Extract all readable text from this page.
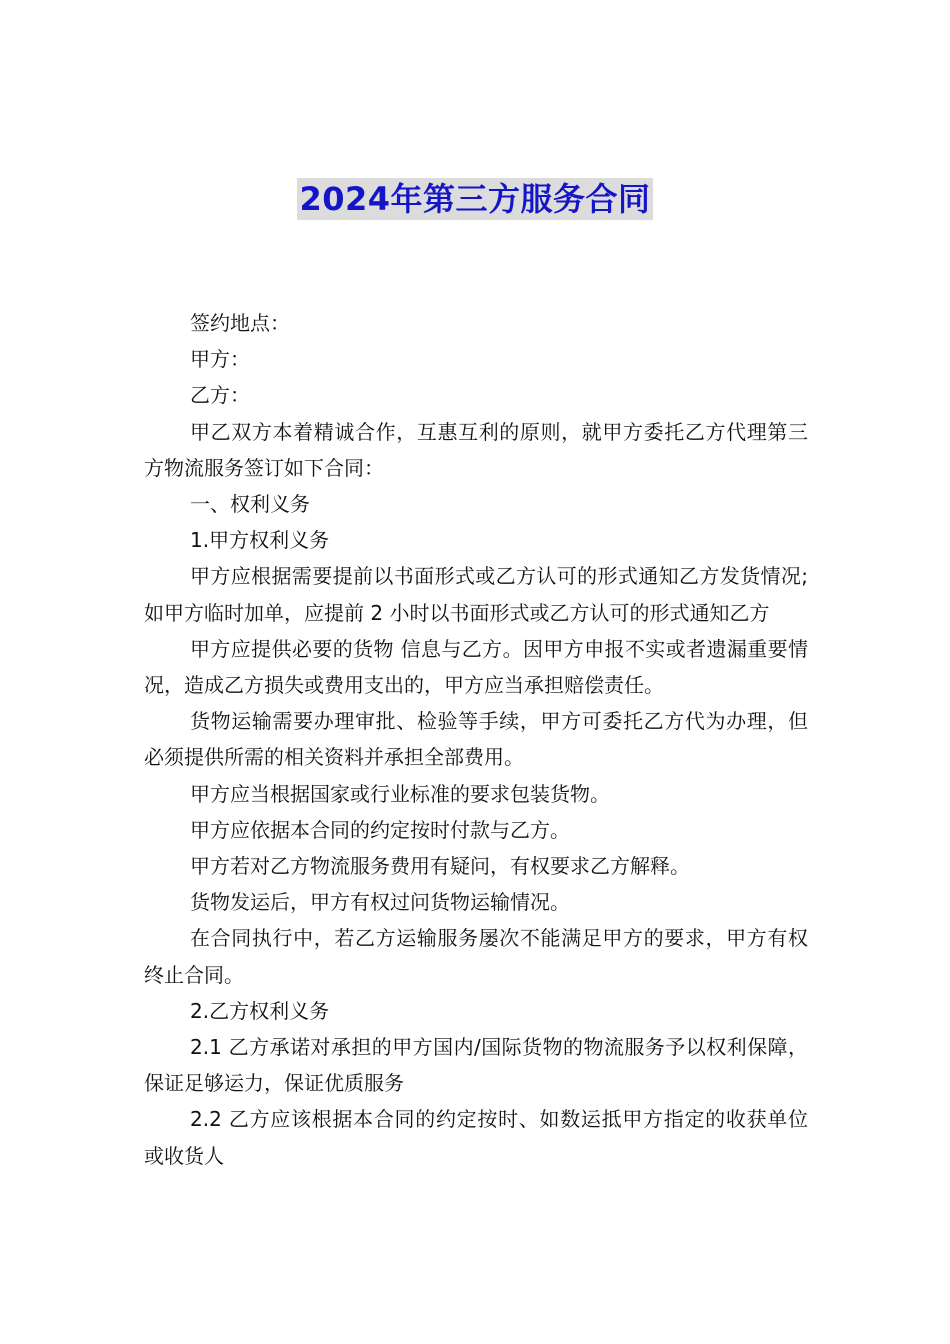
2024年第三方服务合同

签约地点：

甲方：

乙方：

甲乙双方本着精诚合作，互惠互利的原则，就甲方委托乙方代理第三方物流服务签订如下合同：

一、权利义务

1.甲方权利义务

甲方应根据需要提前以书面形式或乙方认可的形式通知乙方发货情况;如甲方临时加单，应提前 2 小时以书面形式或乙方认可的形式通知乙方

甲方应提供必要的货物 信息与乙方。因甲方申报不实或者遗漏重要情况，造成乙方损失或费用支出的，甲方应当承担赔偿责任。

货物运输需要办理审批、检验等手续，甲方可委托乙方代为办理，但必须提供所需的相关资料并承担全部费用。

甲方应当根据国家或行业标准的要求包装货物。

甲方应依据本合同的约定按时付款与乙方。

甲方若对乙方物流服务费用有疑问，有权要求乙方解释。

货物发运后，甲方有权过问货物运输情况。

在合同执行中，若乙方运输服务屡次不能满足甲方的要求，甲方有权终止合同。

2.乙方权利义务

2.1 乙方承诺对承担的甲方国内/国际货物的物流服务予以权利保障，保证足够运力，保证优质服务

2.2 乙方应该根据本合同的约定按时、如数运抵甲方指定的收获单位或收货人
